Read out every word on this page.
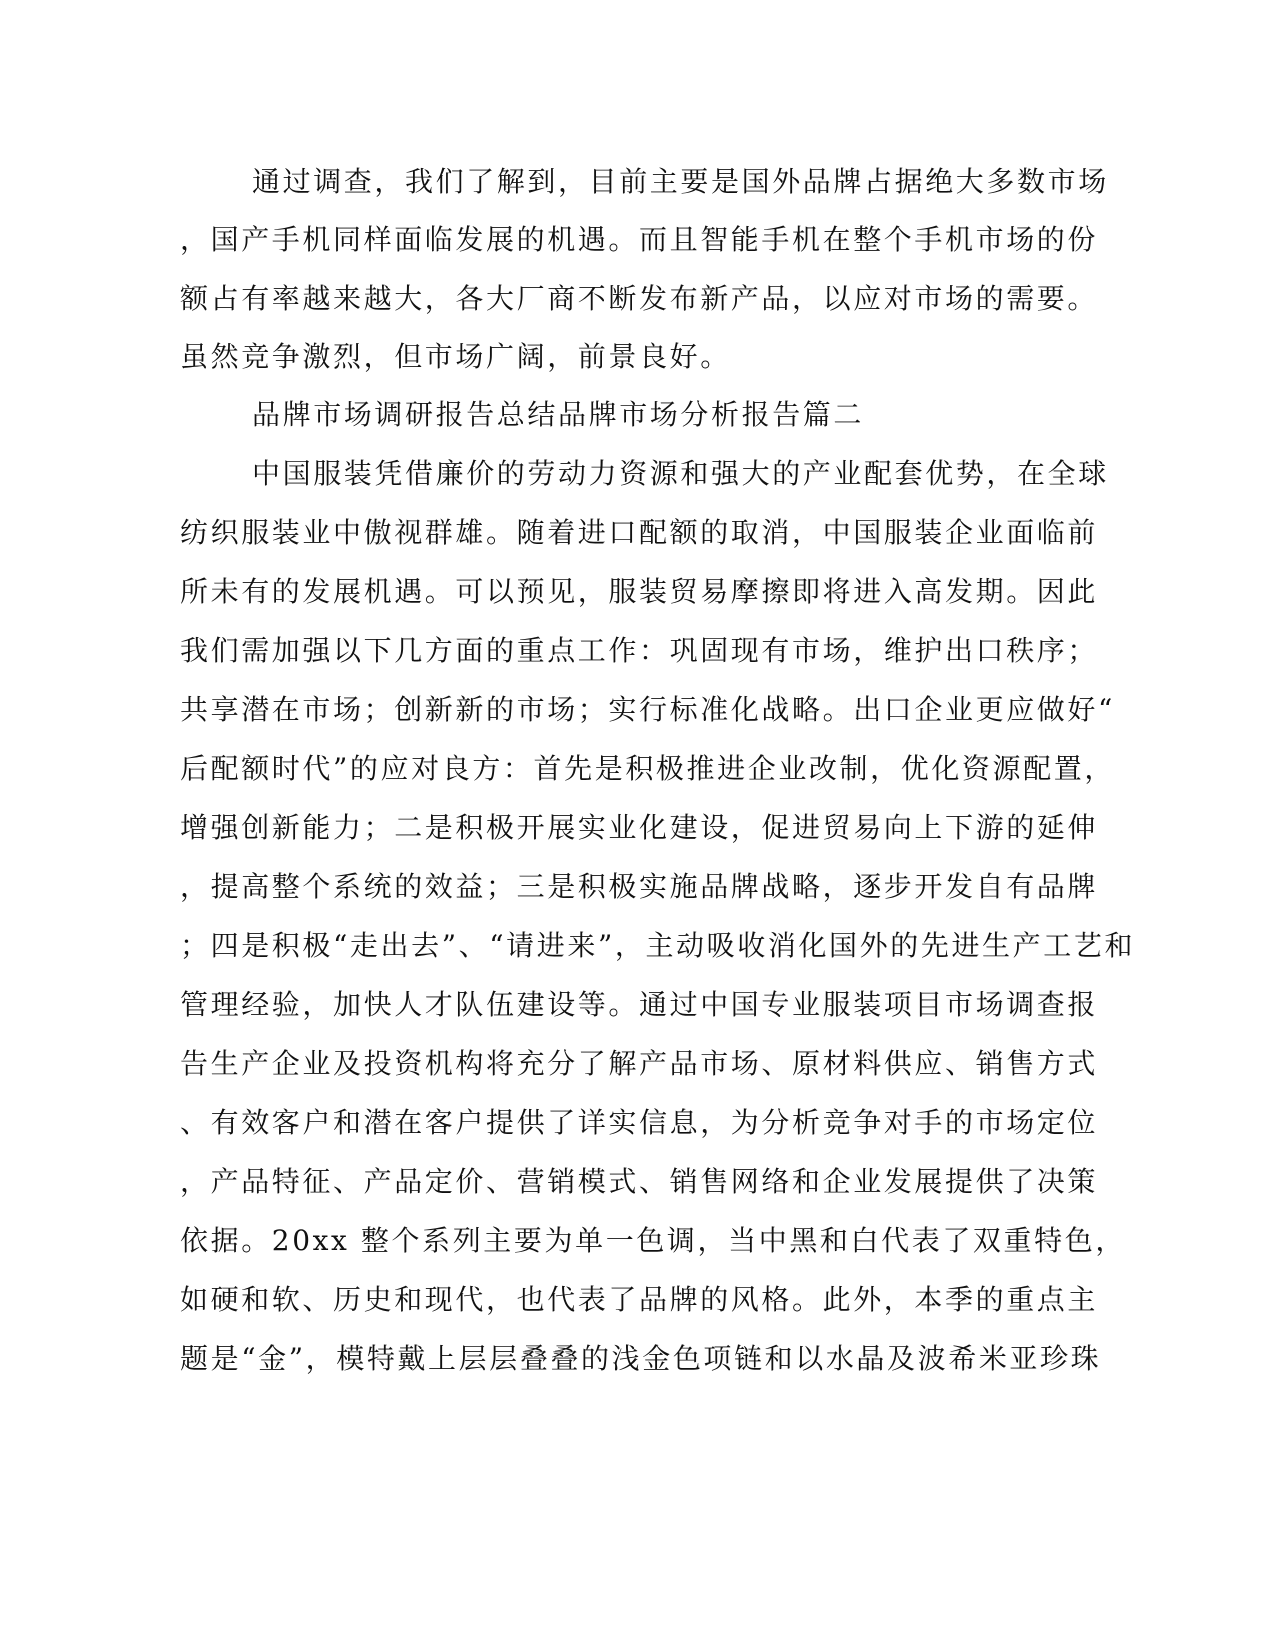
通过调查，我们了解到，目前主要是国外品牌占据绝大多数市场
，国产手机同样面临发展的机遇。而且智能手机在整个手机市场的份
额占有率越来越大，各大厂商不断发布新产品，以应对市场的需要。
虽然竞争激烈，但市场广阔，前景良好。
品牌市场调研报告总结品牌市场分析报告篇二
中国服装凭借廉价的劳动力资源和强大的产业配套优势，在全球
纺织服装业中傲视群雄。随着进口配额的取消，中国服装企业面临前
所未有的发展机遇。可以预见，服装贸易摩擦即将进入高发期。因此
我们需加强以下几方面的重点工作：巩固现有市场，维护出口秩序；
共享潜在市场；创新新的市场；实行标准化战略。出口企业更应做好“
后配额时代”的应对良方：首先是积极推进企业改制，优化资源配置，
增强创新能力；二是积极开展实业化建设，促进贸易向上下游的延伸
，提高整个系统的效益；三是积极实施品牌战略，逐步开发自有品牌
；四是积极“走出去”、“请进来”，主动吸收消化国外的先进生产工艺和
管理经验，加快人才队伍建设等。通过中国专业服装项目市场调查报
告生产企业及投资机构将充分了解产品市场、原材料供应、销售方式
、有效客户和潜在客户提供了详实信息，为分析竞争对手的市场定位
，产品特征、产品定价、营销模式、销售网络和企业发展提供了决策
依据。20xx 整个系列主要为单一色调，当中黑和白代表了双重特色，
如硬和软、历史和现代，也代表了品牌的风格。此外，本季的重点主
题是“金”，模特戴上层层叠叠的浅金色项链和以水晶及波希米亚珍珠
